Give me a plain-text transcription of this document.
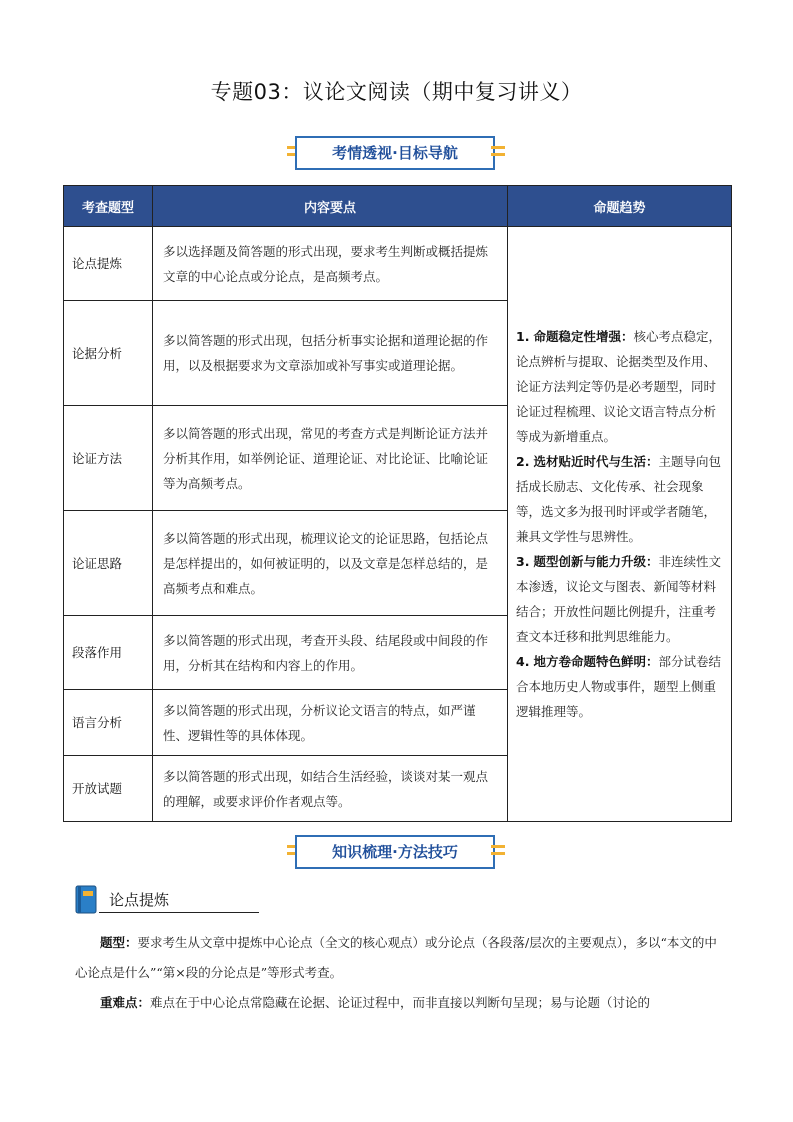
专题03：议论文阅读（期中复习讲义）
考情透视·目标导航
考查题型	内容要点	命题趋势
论点提炼	多以选择题及简答题的形式出现，要求考生判断或概括提炼文章的中心论点或分论点，是高频考点。	1. 命题稳定性增强：核心考点稳定，论点辨析与提取、论据类型及作用、论证方法判定等仍是必考题型，同时论证过程梳理、议论文语言特点分析等成为新增重点。
2. 选材贴近时代与生活：主题导向包括成长励志、文化传承、社会现象等，选文多为报刊时评或学者随笔，兼具文学性与思辨性。
3. 题型创新与能力升级：非连续性文本渗透，议论文与图表、新闻等材料结合；开放性问题比例提升，注重考查文本迁移和批判思维能力。
4. 地方卷命题特色鲜明：部分试卷结合本地历史人物或事件，题型上侧重逻辑推理等。

论据分析	多以简答题的形式出现，包括分析事实论据和道理论据的作用，以及根据要求为文章添加或补写事实或道理论据。	
论证方法	多以简答题的形式出现，常见的考查方式是判断论证方法并分析其作用，如举例论证、道理论证、对比论证、比喻论证等为高频考点。	
论证思路	多以简答题的形式出现，梳理议论文的论证思路，包括论点是怎样提出的，如何被证明的，以及文章是怎样总结的，是高频考点和难点。	
段落作用	多以简答题的形式出现，考查开头段、结尾段或中间段的作用，分析其在结构和内容上的作用。	
语言分析	多以简答题的形式出现，分析议论文语言的特点，如严谨性、逻辑性等的具体体现。	
开放试题	多以简答题的形式出现，如结合生活经验，谈谈对某一观点的理解，或要求评价作者观点等。	
知识梳理·方法技巧
论点提炼
题型：要求考生从文章中提炼中心论点（全文的核心观点）或分论点（各段落/层次的主要观点），多以“本文的中心论点是什么”“第×段的分论点是”等形式考查。
重难点：难点在于中心论点常隐藏在论据、论证过程中，而非直接以判断句呈现；易与论题（讨论的
